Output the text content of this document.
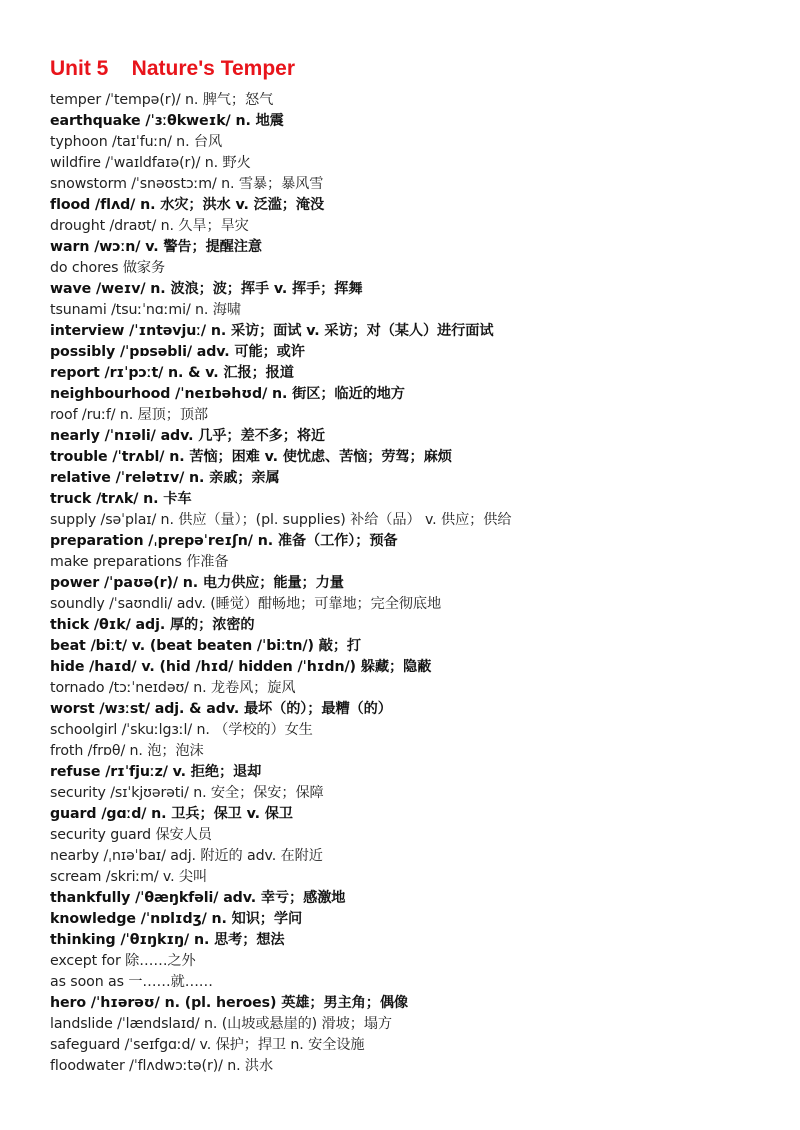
Unit 5    Nature's Temper
temper /ˈtempə(r)/ n. 脾气；怒气
earthquake /ˈɜːθkweɪk/ n. 地震
typhoon /taɪˈfuːn/ n. 台风
wildfire /ˈwaɪldfaɪə(r)/ n. 野火
snowstorm /ˈsnəʊstɔːm/ n. 雪暴；暴风雪
flood /flʌd/ n. 水灾；洪水 v. 泛滥；淹没
drought /draʊt/ n. 久旱；旱灾
warn /wɔːn/ v. 警告；提醒注意
do chores 做家务
wave /weɪv/ n. 波浪；波；挥手 v. 挥手；挥舞
tsunami /tsuːˈnɑːmi/ n. 海啸
interview /ˈɪntəvjuː/ n. 采访；面试 v. 采访；对（某人）进行面试
possibly /ˈpɒsəbli/ adv. 可能；或许
report /rɪˈpɔːt/ n. & v. 汇报；报道
neighbourhood /ˈneɪbəhʊd/ n. 街区；临近的地方
roof /ruːf/ n. 屋顶；顶部
nearly /ˈnɪəli/ adv. 几乎；差不多；将近
trouble /ˈtrʌbl/ n. 苦恼；困难 v. 使忧虑、苦恼；劳驾；麻烦
relative /ˈrelətɪv/ n. 亲戚；亲属
truck /trʌk/ n. 卡车
supply /səˈplaɪ/ n. 供应（量）；(pl. supplies) 补给（品） v. 供应；供给
preparation /ˌprepəˈreɪʃn/ n. 准备（工作）；预备
make preparations 作准备
power /ˈpaʊə(r)/ n. 电力供应；能量；力量
soundly /ˈsaʊndli/ adv. (睡觉）酣畅地；可靠地；完全彻底地
thick /θɪk/ adj. 厚的；浓密的
beat /biːt/ v. (beat beaten /ˈbiːtn/) 敲；打
hide /haɪd/ v. (hid /hɪd/ hidden /ˈhɪdn/) 躲藏；隐蔽
tornado /tɔːˈneɪdəʊ/ n. 龙卷风；旋风
worst /wɜːst/ adj. & adv. 最坏（的）；最糟（的）
schoolgirl /ˈskuːlgɜːl/ n. （学校的）女生
froth /frɒθ/ n. 泡；泡沫
refuse /rɪˈfjuːz/ v. 拒绝；退却
security /sɪˈkjʊərəti/ n. 安全；保安；保障
guard /gɑːd/ n. 卫兵；保卫 v. 保卫
security guard 保安人员
nearby /ˌnɪəˈbaɪ/ adj. 附近的 adv. 在附近
scream /skriːm/ v. 尖叫
thankfully /ˈθæŋkfəli/ adv. 幸亏；感激地
knowledge /ˈnɒlɪdʒ/ n. 知识；学问
thinking /ˈθɪŋkɪŋ/ n. 思考；想法
except for 除……之外
as soon as 一……就……
hero /ˈhɪərəʊ/ n. (pl. heroes) 英雄；男主角；偶像
landslide /ˈlændslaɪd/ n. (山坡或悬崖的) 滑坡；塌方
safeguard /ˈseɪfgɑːd/ v. 保护；捍卫 n. 安全设施
floodwater /ˈflʌdwɔːtə(r)/ n. 洪水
